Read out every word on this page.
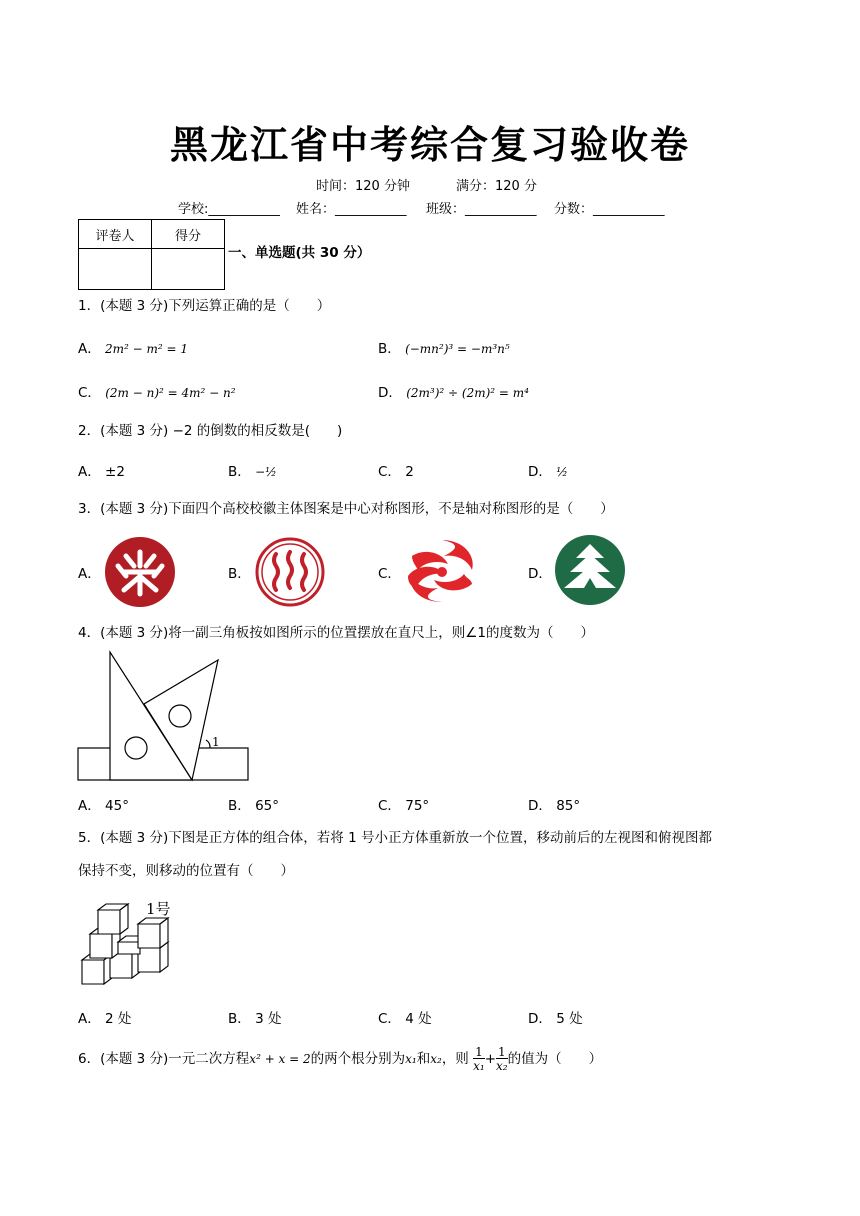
黑龙江省中考综合复习验收卷
时间：120 分钟	满分：120 分
学校:___________ 姓名：___________ 班级：___________ 分数：___________
评卷人	得分

一、单选题(共 30 分）
1．(本题 3 分)下列运算正确的是（　　）
A． 2m² − m² = 1	B． (−mn²)³ = −m³n⁵
C． (2m − n)² = 4m² − n²	D． (2m³)² ÷ (2m)² = m⁴
2．(本题 3 分) −2 的倒数的相反数是(　　)
A． ±2	B． −½	C． 2	D． ½
3．(本题 3 分)下面四个高校校徽主体图案是中心对称图形，不是轴对称图形的是（　　）
A．	B．	C．	D．
4．(本题 3 分)将一副三角板按如图所示的位置摆放在直尺上，则∠1的度数为（　　）
1
A． 45°	B． 65°	C． 75°	D． 85°
5．(本题 3 分)下图是正方体的组合体，若将 1 号小正方体重新放一个位置，移动前后的左视图和俯视图都
保持不变，则移动的位置有（　　）
1号
A． 2 处	B． 3 处	C． 4 处	D． 5 处
6．(本题 3 分)一元二次方程x² + x = 2的两个根分别为x₁和x₂，则 1
x₁+ 1
x₂的值为（　　）
